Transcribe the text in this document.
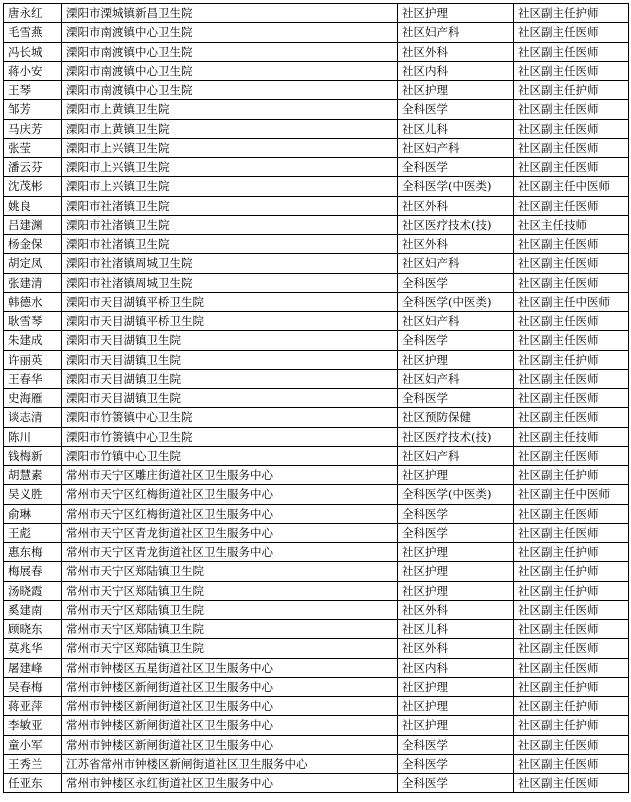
唐永红	溧阳市溧城镇新昌卫生院	社区护理	社区副主任护师
毛雪燕	溧阳市南渡镇中心卫生院	社区妇产科	社区副主任医师
冯长城	溧阳市南渡镇中心卫生院	社区外科	社区副主任医师
蒋小安	溧阳市南渡镇中心卫生院	社区内科	社区副主任医师
王琴	溧阳市南渡镇中心卫生院	社区护理	社区副主任护师
邹芳	溧阳市上黄镇卫生院	全科医学	社区副主任医师
马庆芳	溧阳市上黄镇卫生院	社区儿科	社区副主任医师
张莹	溧阳市上兴镇卫生院	社区妇产科	社区副主任医师
潘云芬	溧阳市上兴镇卫生院	全科医学	社区副主任医师
沈茂彬	溧阳市上兴镇卫生院	全科医学(中医类)	社区副主任中医师
姚良	溧阳市社渚镇卫生院	社区外科	社区副主任医师
吕建渊	溧阳市社渚镇卫生院	社区医疗技术(技)	社区主任技师
杨金保	溧阳市社渚镇卫生院	社区外科	社区副主任医师
胡定凤	溧阳市社渚镇周城卫生院	社区妇产科	社区副主任医师
张建清	溧阳市社渚镇周城卫生院	全科医学	社区副主任医师
韩德水	溧阳市天目湖镇平桥卫生院	全科医学(中医类)	社区副主任中医师
耿雪琴	溧阳市天目湖镇平桥卫生院	社区妇产科	社区副主任医师
朱建成	溧阳市天目湖镇卫生院	全科医学	社区副主任医师
许丽英	溧阳市天目湖镇卫生院	社区护理	社区副主任护师
王春华	溧阳市天目湖镇卫生院	社区妇产科	社区副主任医师
史海雁	溧阳市天目湖镇卫生院	全科医学	社区副主任医师
谈志清	溧阳市竹箦镇中心卫生院	社区预防保健	社区副主任医师
陈川	溧阳市竹箦镇中心卫生院	社区医疗技术(技)	社区副主任技师
钱梅新	溧阳市竹镇中心卫生院	社区妇产科	社区副主任医师
胡慧素	常州市天宁区雕庄街道社区卫生服务中心	社区护理	社区副主任护师
吴义胜	常州市天宁区红梅街道社区卫生服务中心	全科医学(中医类)	社区副主任中医师
俞琳	常州市天宁区红梅街道社区卫生服务中心	全科医学	社区副主任医师
王彪	常州市天宁区青龙街道社区卫生服务中心	全科医学	社区副主任医师
惠东梅	常州市天宁区青龙街道社区卫生服务中心	社区护理	社区副主任护师
梅展春	常州市天宁区郑陆镇卫生院	社区护理	社区副主任护师
汤晓霞	常州市天宁区郑陆镇卫生院	社区护理	社区副主任护师
奚建南	常州市天宁区郑陆镇卫生院	社区外科	社区副主任医师
顾晓东	常州市天宁区郑陆镇卫生院	社区儿科	社区副主任医师
莫兆华	常州市天宁区郑陆镇卫生院	社区外科	社区副主任医师
屠建峰	常州市钟楼区五星街道社区卫生服务中心	社区内科	社区副主任医师
吴春梅	常州市钟楼区新闸街道社区卫生服务中心	社区护理	社区副主任护师
蒋亚萍	常州市钟楼区新闸街道社区卫生服务中心	社区护理	社区副主任护师
李敏亚	常州市钟楼区新闸街道社区卫生服务中心	社区护理	社区副主任护师
童小军	常州市钟楼区新闸街道社区卫生服务中心	全科医学	社区副主任医师
王秀兰	江苏省常州市钟楼区新闸街道社区卫生服务中心	全科医学	社区副主任医师
任亚东	常州市钟楼区永红街道社区卫生服务中心	全科医学	社区副主任医师
